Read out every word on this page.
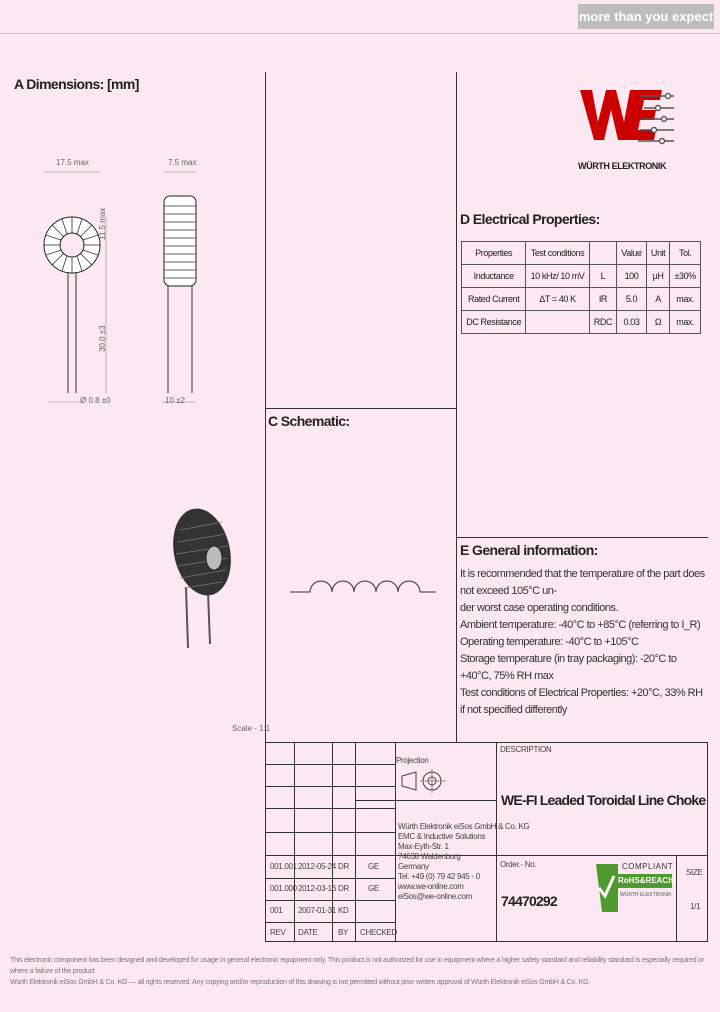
more than you expect
A Dimensions: [mm]
C Schematic:
D Electrical Properties:
E General information:
WÜRTH ELEKTRONIK
17.5 max	7.5 max
11.5 max
30.0 ±3
Ø 0.8 ±0	10 ±2
Scale - 1:1
Properties	Test conditions		Value	Unit	Tol.
Inductance	10 kHz/ 10 mV	L	100	µH	±30%
Rated Current	ΔT = 40 K	IR	5.0	A	max.
DC Resistance		RDC	0.03	Ω	max.
It is recommended that the temperature of the part does not exceed 105°C un-
der worst case operating conditions.
Ambient temperature: -40°C to +85°C (referring to I_R)
Operating temperature: -40°C to +105°C
Storage temperature (in tray packaging): -20°C to +40°C, 75% RH max
Test conditions of Electrical Properties: +20°C, 33% RH
if not specified differently
Projection
Würth Elektronik eiSos GmbH & Co. KG
EMC & Inductive Solutions
Max-Eyth-Str. 1
74638 Waldenburg
Germany
Tel. +49 (0) 79 42 945 - 0
www.we-online.com
eiSos@we-online.com
001.001 2012-05-24 DR GE
001.000 2012-03-16 DR GE
001 2007-01-31 KD
REV DATE	BY CHECKED
DESCRIPTION
WE-FI Leaded Toroidal Line Choke
Order.- No.
74470292
SIZE
1/1
COMPLIANT
RoHS&REACh
WÜRTH ELEKTRONIK
This electronic component has been designed and developed for usage in general electronic equipment only. This product is not authorized for use in equipment where a higher safety standard and reliability standard is especially required or where a failure of the product
Würth Elektronik eiSos GmbH & Co. KG — all rights reserved. Any copying and/or reproduction of this drawing is not permitted without prior written approval of Würth Elektronik eiSos GmbH & Co. KG.
